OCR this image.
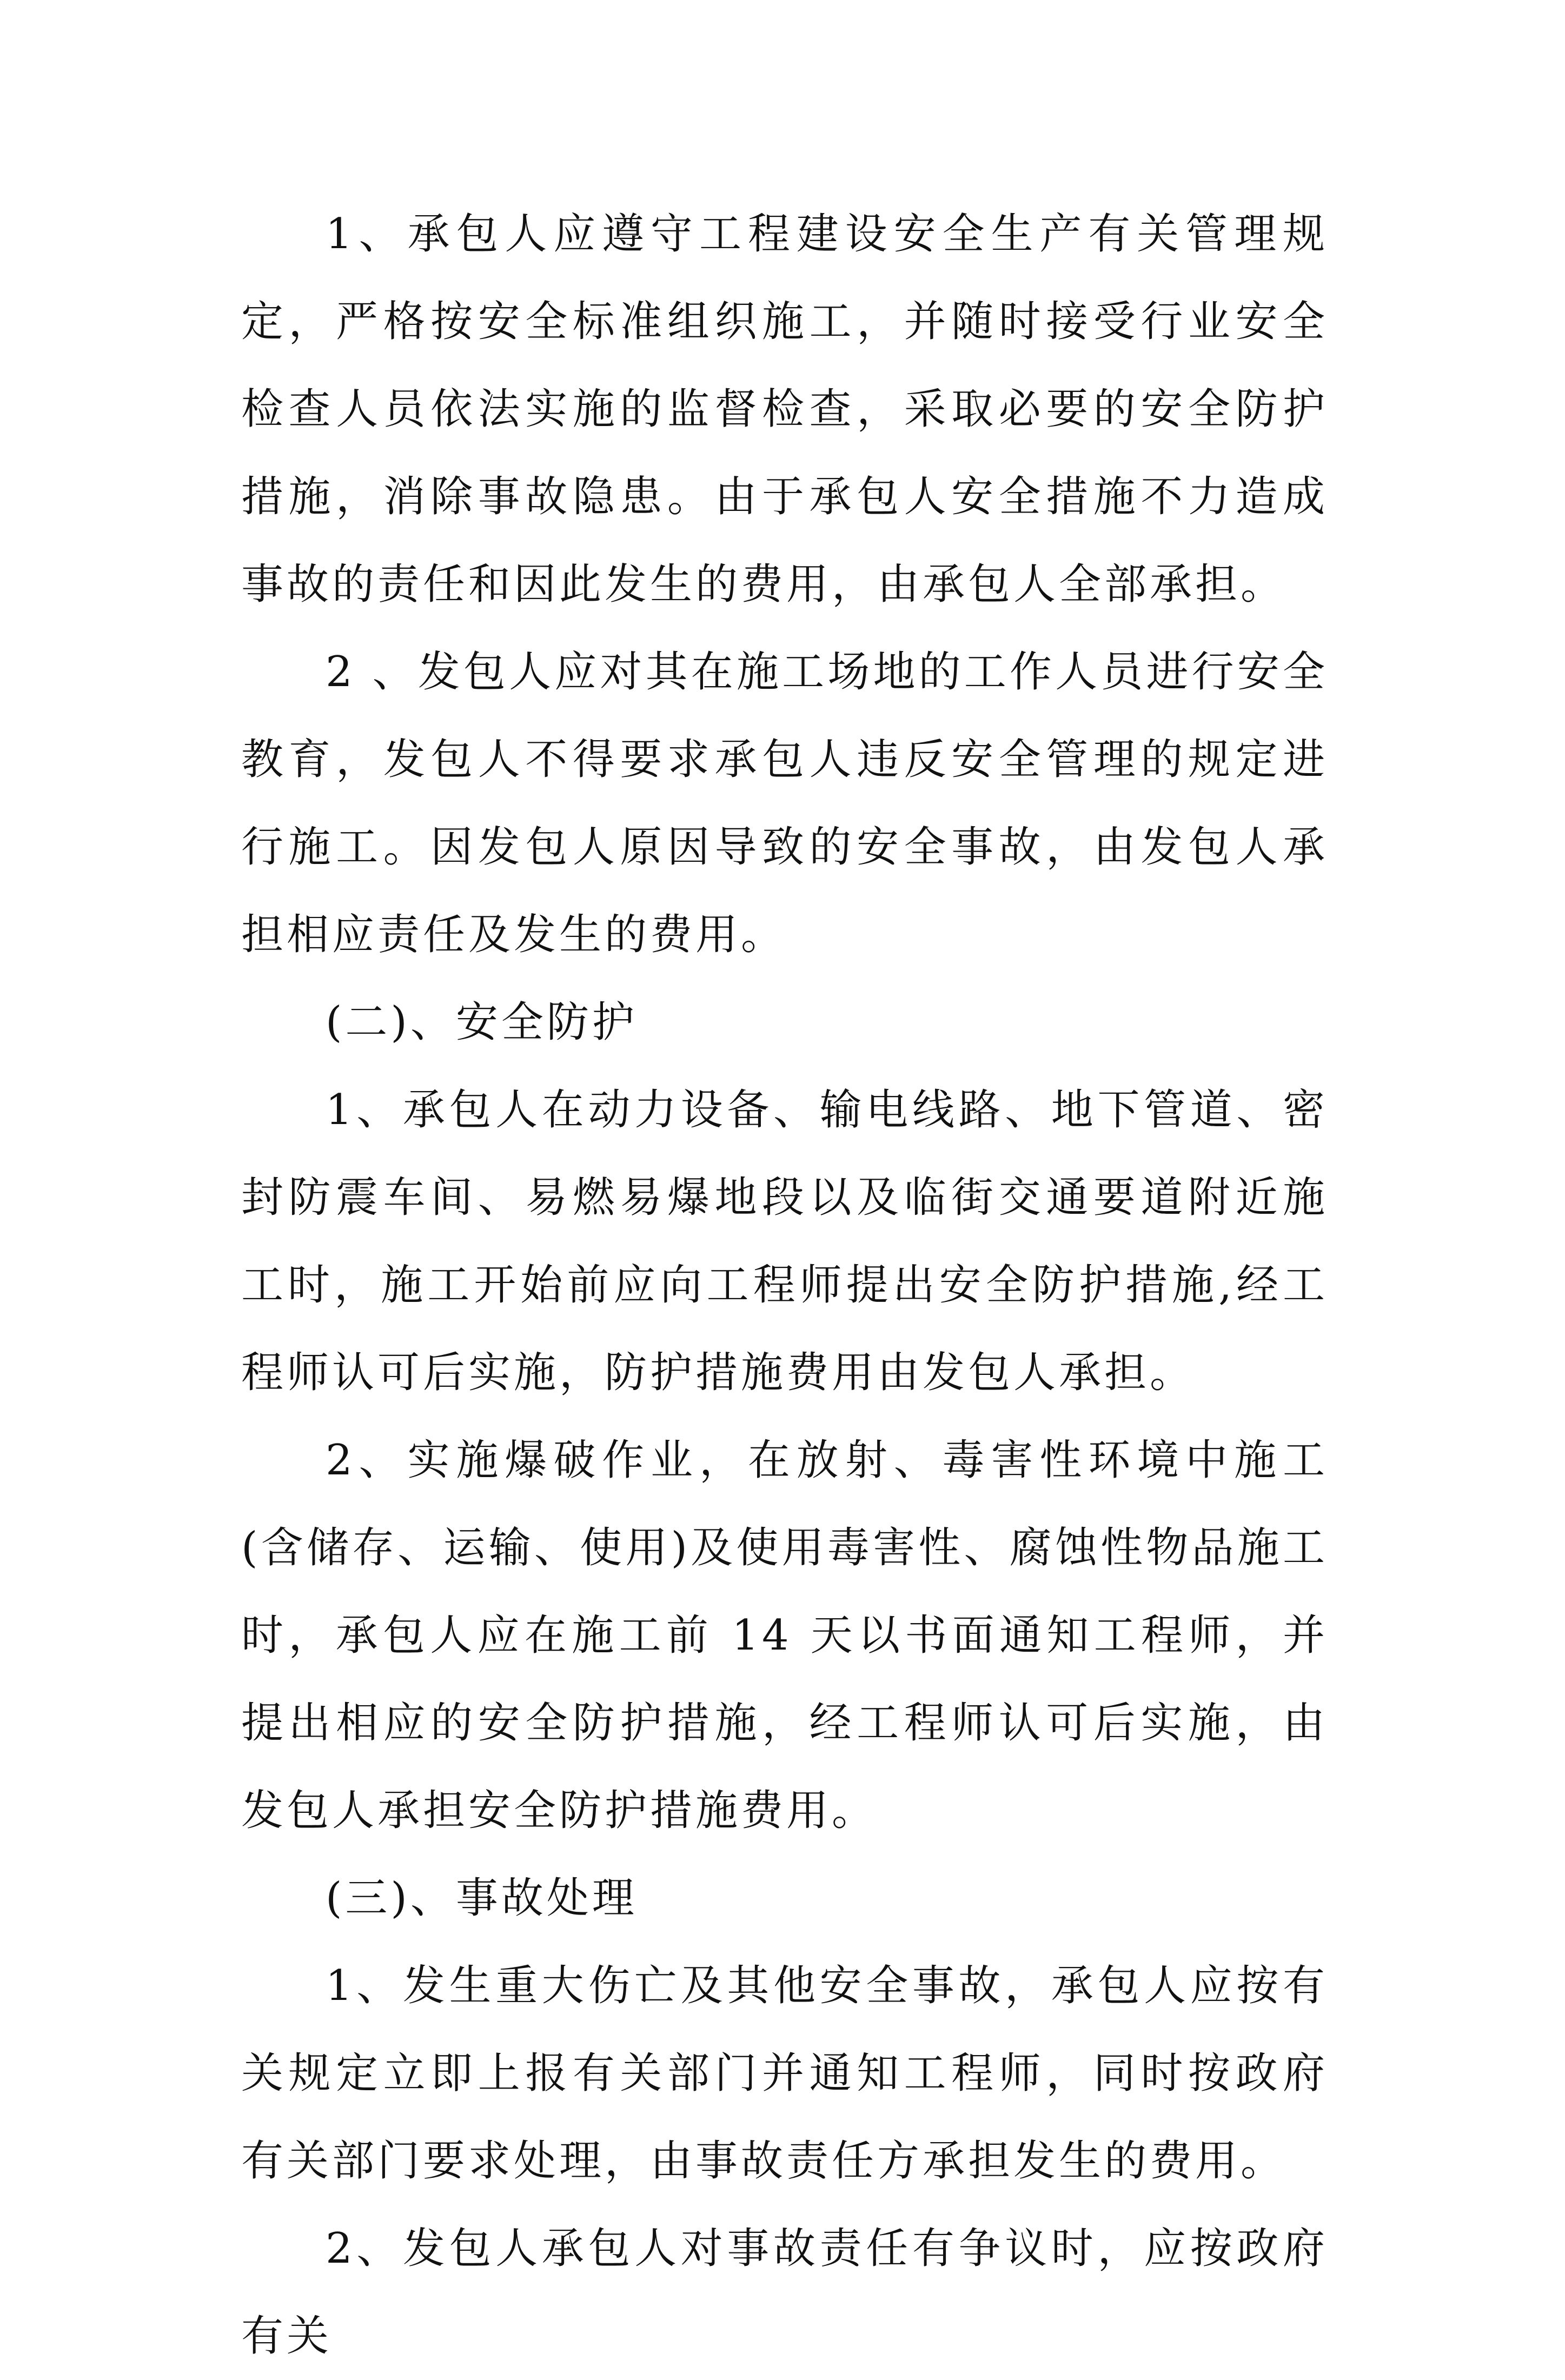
1、承包人应遵守工程建设安全生产有关管理规定，严格按安全标准组织施工，并随时接受行业安全检查人员依法实施的监督检查，采取必要的安全防护措施，消除事故隐患。由于承包人安全措施不力造成事故的责任和因此发生的费用，由承包人全部承担。

2 、发包人应对其在施工场地的工作人员进行安全教育，发包人不得要求承包人违反安全管理的规定进行施工。因发包人原因导致的安全事故，由发包人承担相应责任及发生的费用。

(二)、安全防护

1、承包人在动力设备、输电线路、地下管道、密封防震车间、易燃易爆地段以及临街交通要道附近施工时，施工开始前应向工程师提出安全防护措施,经工程师认可后实施，防护措施费用由发包人承担。

2、实施爆破作业，在放射、毒害性环境中施工(含储存、运输、使用)及使用毒害性、腐蚀性物品施工时，承包人应在施工前 14 天以书面通知工程师，并提出相应的安全防护措施，经工程师认可后实施，由发包人承担安全防护措施费用。

(三)、事故处理

1、发生重大伤亡及其他安全事故，承包人应按有关规定立即上报有关部门并通知工程师，同时按政府有关部门要求处理，由事故责任方承担发生的费用。

2、发包人承包人对事故责任有争议时，应按政府有关
